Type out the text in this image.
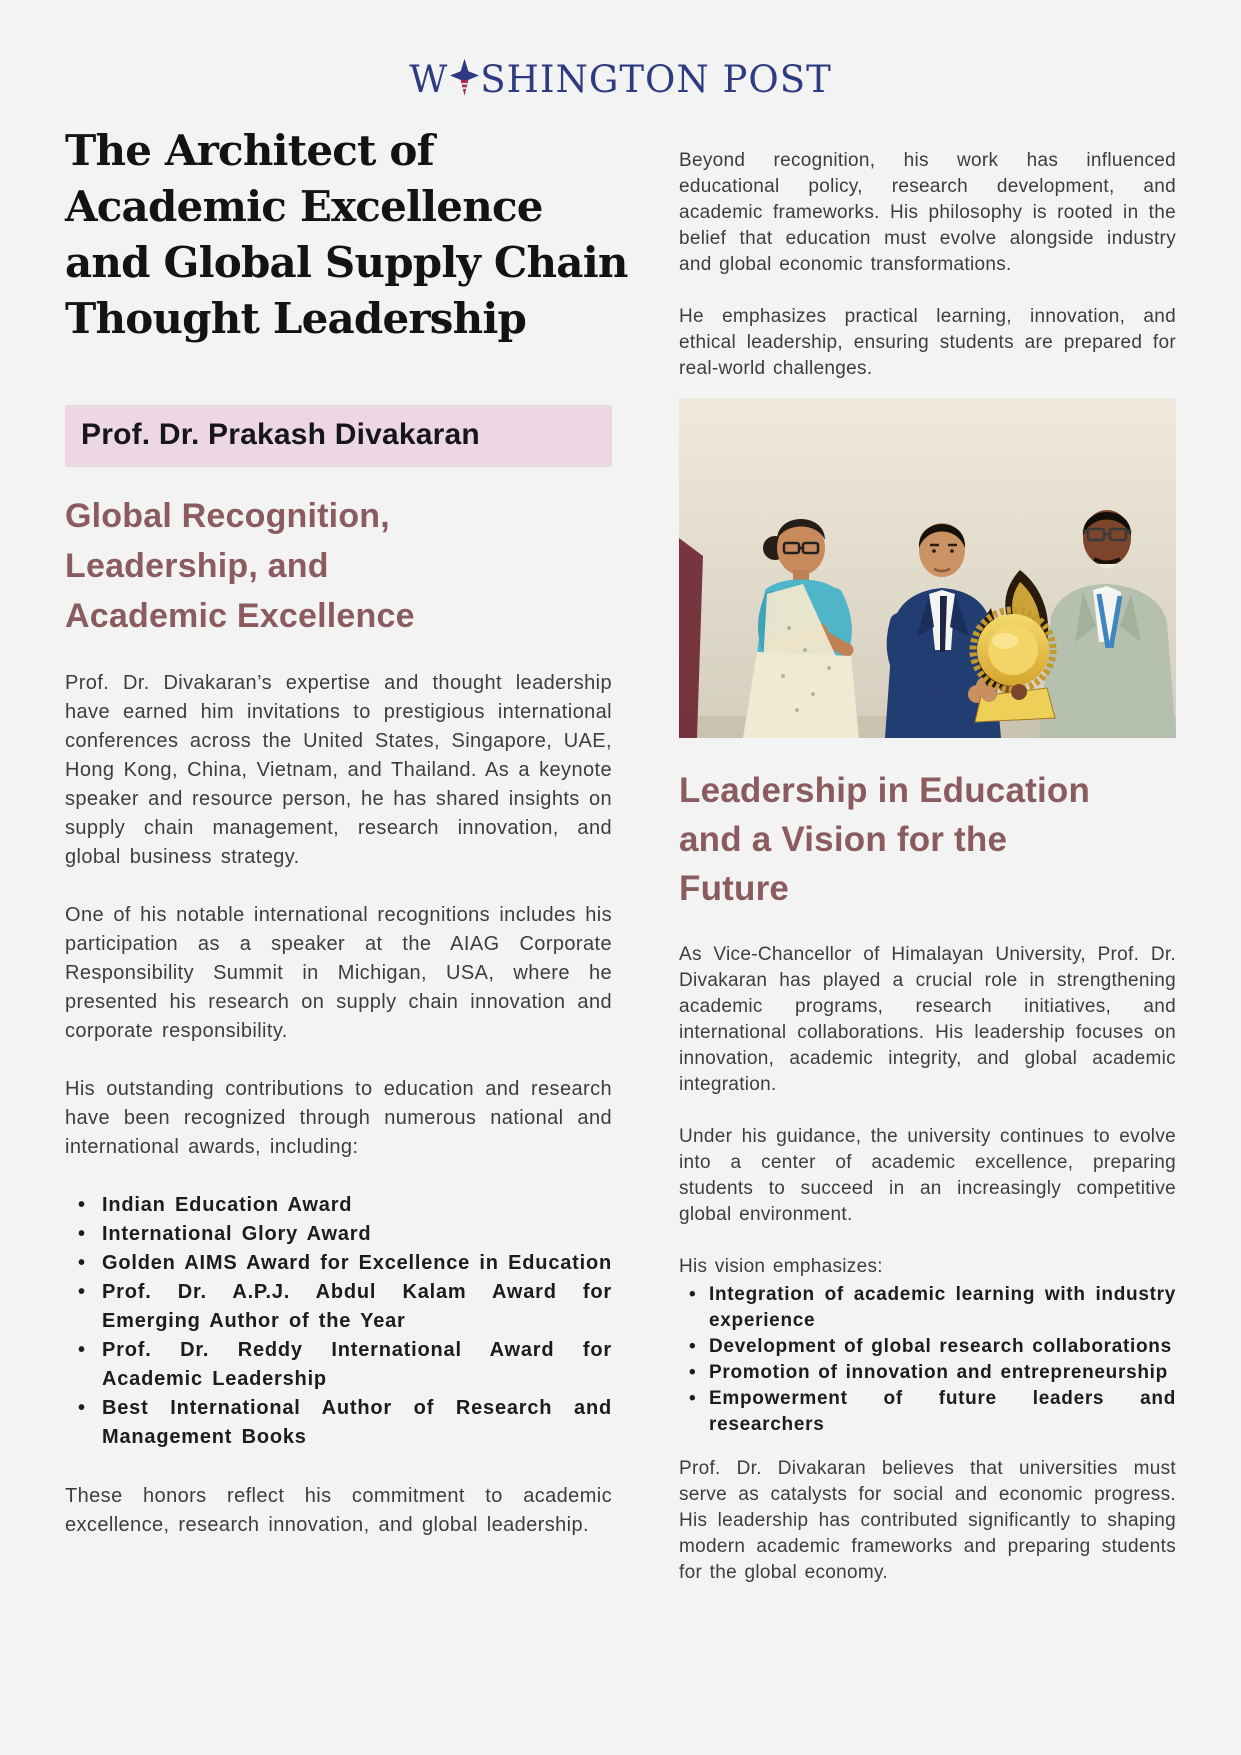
W SHINGTON POST
The Architect of
Academic Excellence
and Global Supply Chain
Thought Leadership
Prof. Dr. Prakash Divakaran
Global Recognition,
Leadership, and
Academic Excellence

Prof. Dr. Divakaran’s expertise and thought leadership have earned him invitations to prestigious international conferences across the United States, Singapore, UAE, Hong Kong, China, Vietnam, and Thailand. As a keynote speaker and resource person, he has shared insights on supply chain management, research innovation, and global business strategy.

One of his notable international recognitions includes his participation as a speaker at the AIAG Corporate Responsibility Summit in Michigan, USA, where he presented his research on supply chain innovation and corporate responsibility.

His outstanding contributions to education and research have been recognized through numerous national and international awards, including:

• Indian Education Award
• International Glory Award
• Golden AIMS Award for Excellence in Education
• Prof. Dr. A.P.J. Abdul Kalam Award for Emerging Author of the Year
• Prof. Dr. Reddy International Award for Academic Leadership
• Best International Author of Research and Management Books

These honors reflect his commitment to academic excellence, research innovation, and global leadership.

Beyond recognition, his work has influenced educational policy, research development, and academic frameworks. His philosophy is rooted in the belief that education must evolve alongside industry and global economic transformations.

He emphasizes practical learning, innovation, and ethical leadership, ensuring students are prepared for real-world challenges.

Leadership in Education
and a Vision for the
Future

As Vice-Chancellor of Himalayan University, Prof. Dr. Divakaran has played a crucial role in strengthening academic programs, research initiatives, and international collaborations. His leadership focuses on innovation, academic integrity, and global academic integration.

Under his guidance, the university continues to evolve into a center of academic excellence, preparing students to succeed in an increasingly competitive global environment.

His vision emphasizes:

• Integration of academic learning with industry experience
• Development of global research collaborations
• Promotion of innovation and entrepreneurship
• Empowerment of future leaders and researchers

Prof. Dr. Divakaran believes that universities must serve as catalysts for social and economic progress. His leadership has contributed significantly to shaping modern academic frameworks and preparing students for the global economy.
